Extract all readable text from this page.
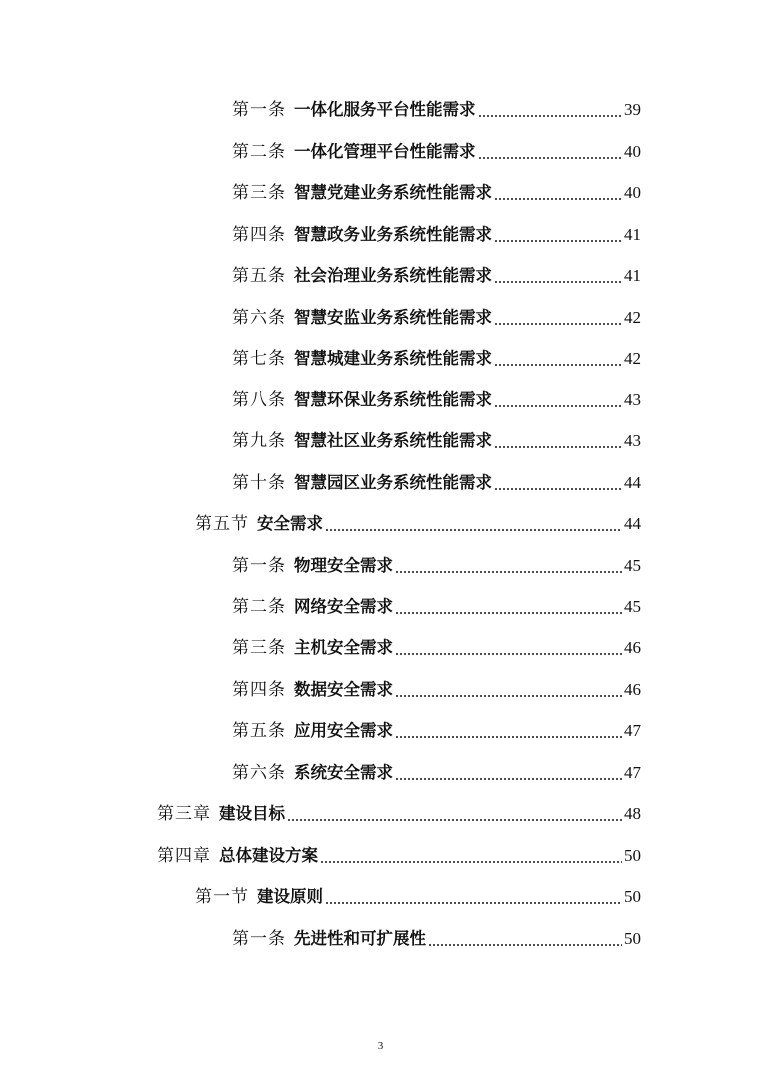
第一条 一体化服务平台性能需求	39
第二条 一体化管理平台性能需求	40
第三条 智慧党建业务系统性能需求	40
第四条 智慧政务业务系统性能需求	41
第五条 社会治理业务系统性能需求	41
第六条 智慧安监业务系统性能需求	42
第七条 智慧城建业务系统性能需求	42
第八条 智慧环保业务系统性能需求	43
第九条 智慧社区业务系统性能需求	43
第十条 智慧园区业务系统性能需求	44
第五节 安全需求	44
第一条 物理安全需求	45
第二条 网络安全需求	45
第三条 主机安全需求	46
第四条 数据安全需求	46
第五条 应用安全需求	47
第六条 系统安全需求	47
第三章 建设目标	48
第四章 总体建设方案	50
第一节 建设原则	50
第一条 先进性和可扩展性	50
3
